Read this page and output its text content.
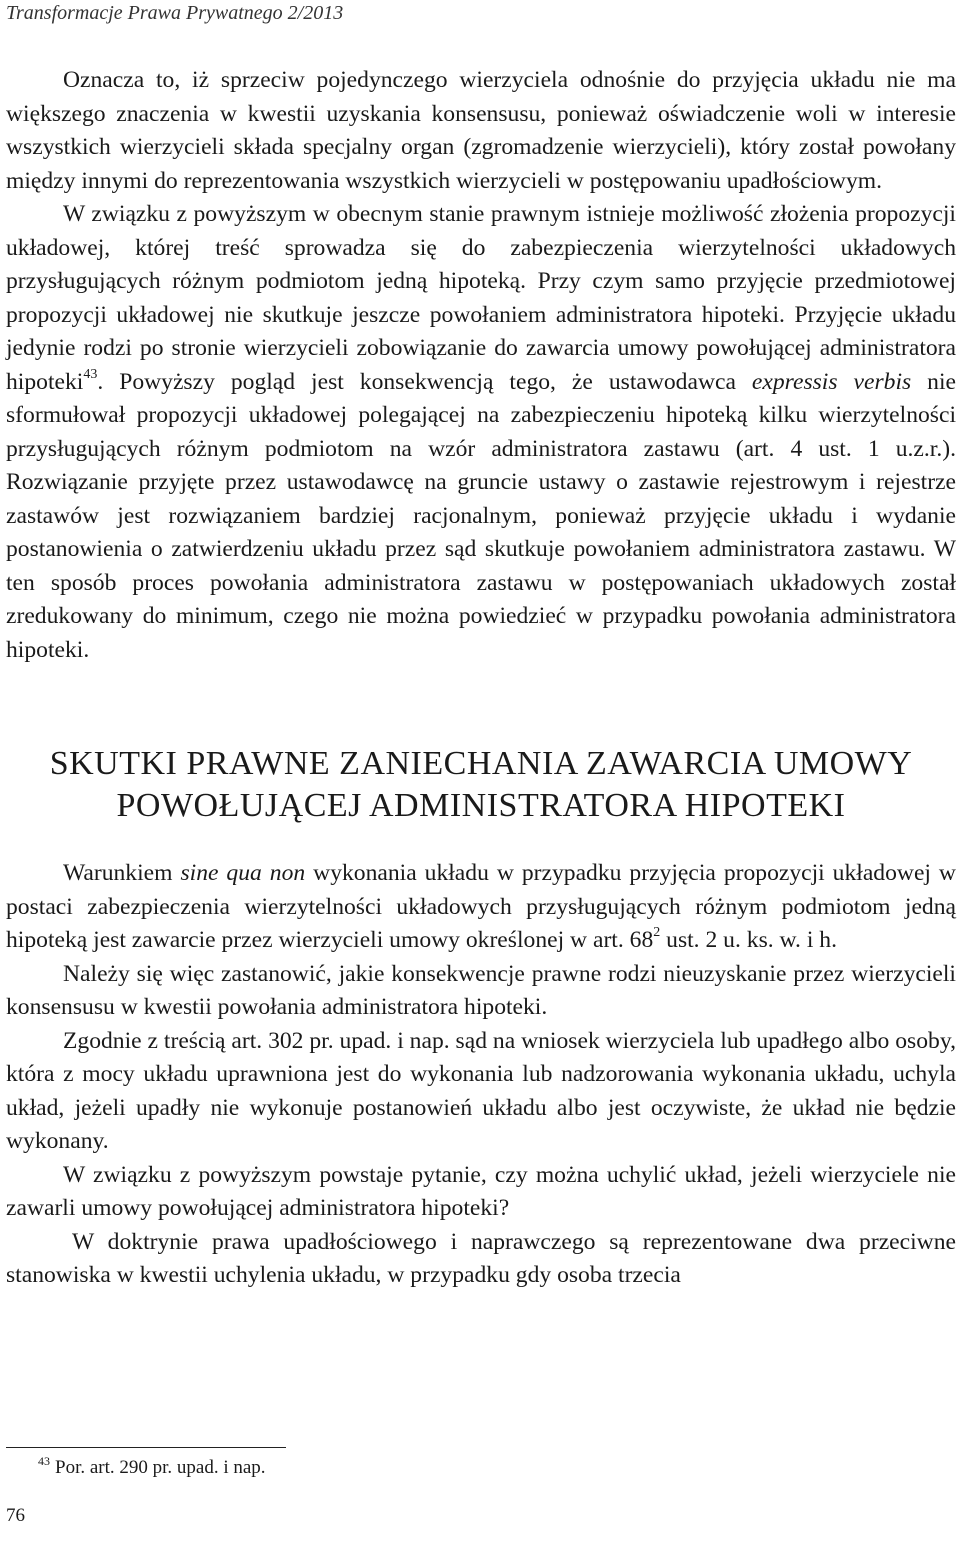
Transformacje Prawa Prywatnego 2/2013

Oznacza to, iż sprzeciw pojedynczego wierzyciela odnośnie do przyjęcia układu nie ma większego znaczenia w kwestii uzyskania konsensusu, ponieważ oświadczenie woli w interesie wszystkich wierzycieli składa specjalny organ (zgromadzenie wierzycieli), który został powołany między innymi do reprezentowania wszystkich wierzycieli w postępowaniu upadłościowym.

W związku z powyższym w obecnym stanie prawnym istnieje możliwość złożenia propozycji układowej, której treść sprowadza się do zabezpieczenia wierzytelności układowych przysługujących różnym podmiotom jedną hipoteką. Przy czym samo przyjęcie przedmiotowej propozycji układowej nie skutkuje jeszcze powołaniem administratora hipoteki. Przyjęcie układu jedynie rodzi po stronie wierzycieli zobowiązanie do zawarcia umowy powołującej administratora hipoteki$^{43}$. Powyższy pogląd jest konsekwencją tego, że ustawodawca expressis verbis nie sformułował propozycji układowej polegającej na zabezpieczeniu hipoteką kilku wierzytelności przysługujących różnym podmiotom na wzór administratora zastawu (art. 4 ust. 1 u.z.r.). Rozwiązanie przyjęte przez ustawodawcę na gruncie ustawy o zastawie rejestrowym i rejestrze zastawów jest rozwiązaniem bardziej racjonalnym, ponieważ przyjęcie układu i wydanie postanowienia o zatwierdzeniu układu przez sąd skutkuje powołaniem administratora zastawu. W ten sposób proces powołania administratora zastawu w postępowaniach układowych został zredukowany do minimum, czego nie można powiedzieć w przypadku powołania administratora hipoteki.

SKUTKI PRAWNE ZANIECHANIA ZAWARCIA UMOWY
POWOŁUJĄCEJ ADMINISTRATORA HIPOTEKI

Warunkiem sine qua non wykonania układu w przypadku przyjęcia propozycji układowej w postaci zabezpieczenia wierzytelności układowych przysługujących różnym podmiotom jedną hipoteką jest zawarcie przez wierzycieli umowy określonej w art. $68^2$ ust. 2 u. ks. w. i h.

Należy się więc zastanowić, jakie konsekwencje prawne rodzi nieuzyskanie przez wierzycieli konsensusu w kwestii powołania administratora hipoteki.

Zgodnie z treścią art. 302 pr. upad. i nap. sąd na wniosek wierzyciela lub upadłego albo osoby, która z mocy układu uprawniona jest do wykonania lub nadzorowania wykonania układu, uchyla układ, jeżeli upadły nie wykonuje postanowień układu albo jest oczywiste, że układ nie będzie wykonany.

W związku z powyższym powstaje pytanie, czy można uchylić układ, jeżeli wierzyciele nie zawarli umowy powołującej administratora hipoteki?

W doktrynie prawa upadłościowego i naprawczego są reprezentowane dwa przeciwne stanowiska w kwestii uchylenia układu, w przypadku gdy osoba trzecia

$^{43}$ Por. art. 290 pr. upad. i nap.
76
